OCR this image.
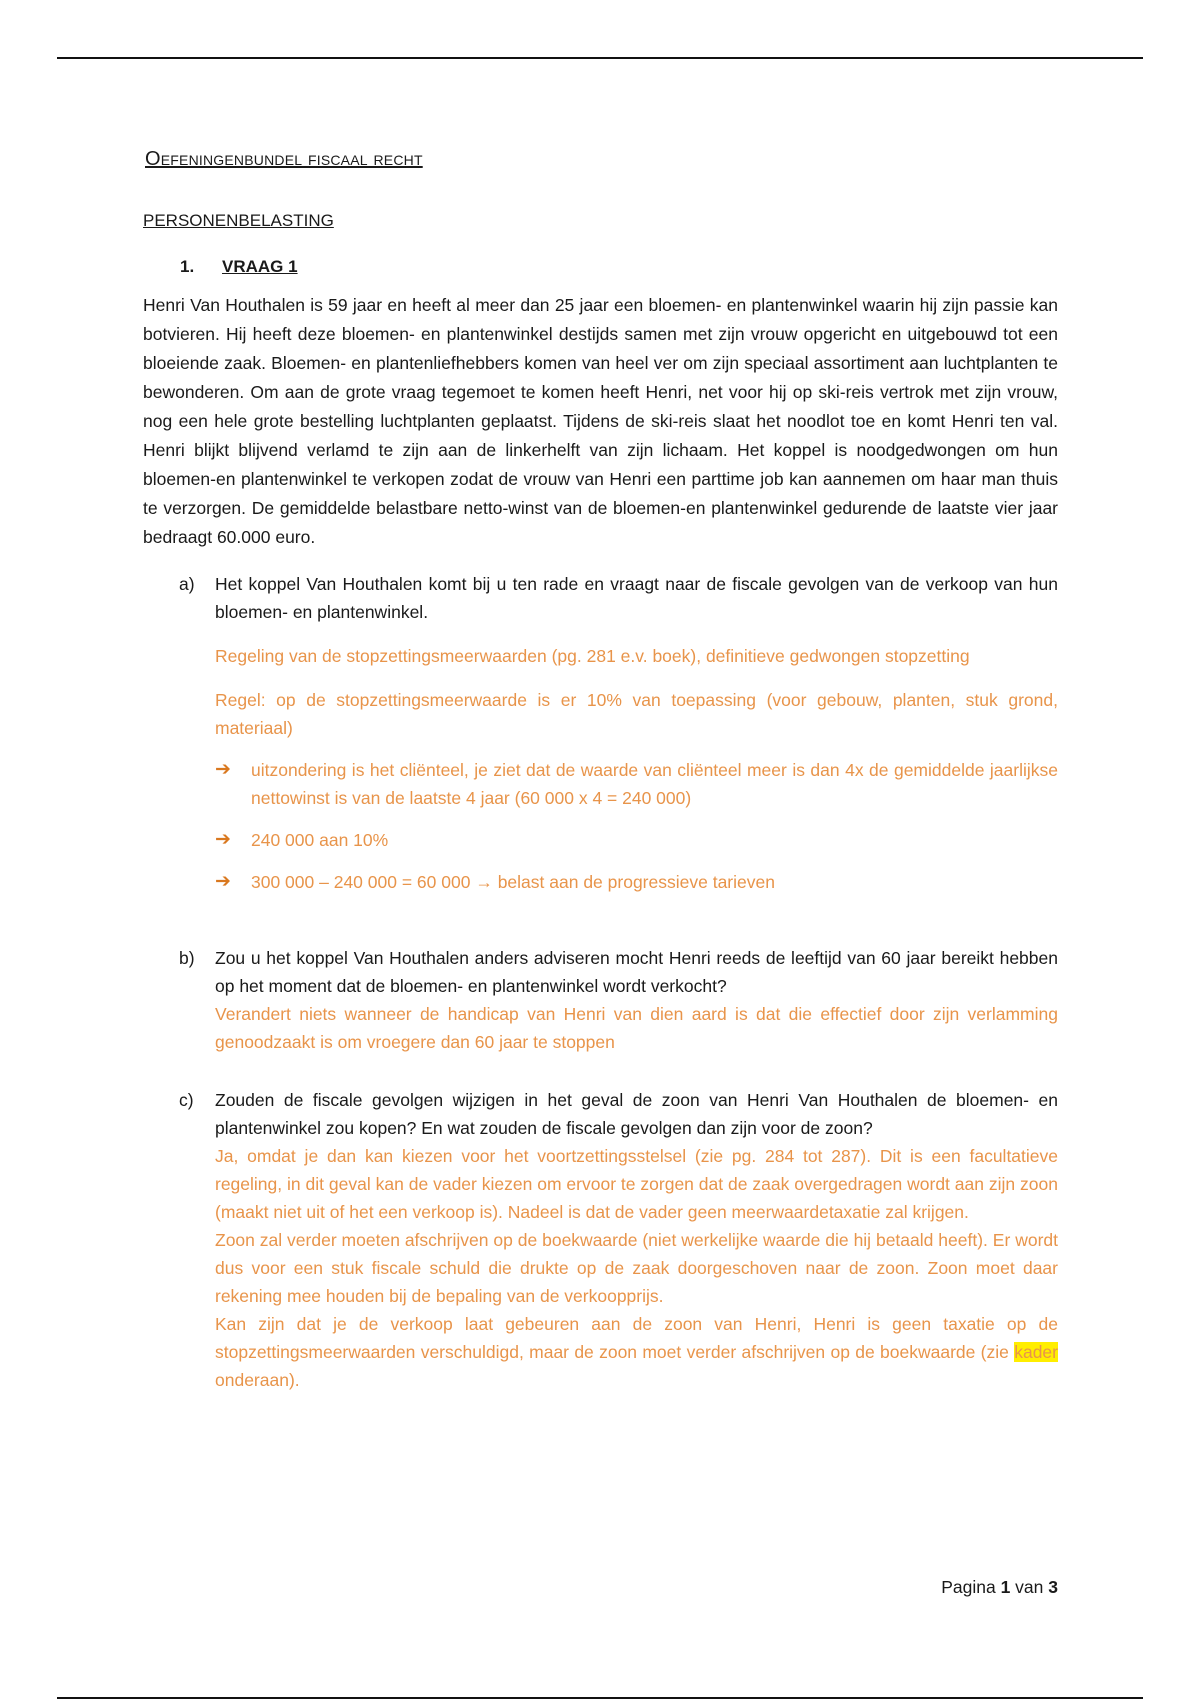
Oefeningenbundel fiscaal recht
PERSONENBELASTING
1. VRAAG 1

Henri Van Houthalen is 59 jaar en heeft al meer dan 25 jaar een bloemen- en plantenwinkel waarin hij zijn passie kan botvieren. Hij heeft deze bloemen- en plantenwinkel destijds samen met zijn vrouw opgericht en uitgebouwd tot een bloeiende zaak. Bloemen- en plantenliefhebbers komen van heel ver om zijn speciaal assortiment aan luchtplanten te bewonderen. Om aan de grote vraag tegemoet te komen heeft Henri, net voor hij op ski-reis vertrok met zijn vrouw, nog een hele grote bestelling luchtplanten geplaatst. Tijdens de ski-reis slaat het noodlot toe en komt Henri ten val. Henri blijkt blijvend verlamd te zijn aan de linkerhelft van zijn lichaam. Het koppel is noodgedwongen om hun bloemen-en plantenwinkel te verkopen zodat de vrouw van Henri een parttime job kan aannemen om haar man thuis te verzorgen. De gemiddelde belastbare netto-winst van de bloemen-en plantenwinkel gedurende de laatste vier jaar bedraagt 60.000 euro.

a) Het koppel Van Houthalen komt bij u ten rade en vraagt naar de fiscale gevolgen van de verkoop van hun bloemen- en plantenwinkel.
Regeling van de stopzettingsmeerwaarden (pg. 281 e.v. boek), definitieve gedwongen stopzetting
Regel: op de stopzettingsmeerwaarde is er 10% van toepassing (voor gebouw, planten, stuk grond, materiaal)
➔ uitzondering is het cliënteel, je ziet dat de waarde van cliënteel meer is dan 4x de gemiddelde jaarlijkse nettowinst is van de laatste 4 jaar (60 000 x 4 = 240 000)
➔ 240 000 aan 10%
➔ 300 000 – 240 000 = 60 000 → belast aan de progressieve tarieven
b) Zou u het koppel Van Houthalen anders adviseren mocht Henri reeds de leeftijd van 60 jaar bereikt hebben op het moment dat de bloemen- en plantenwinkel wordt verkocht?
Verandert niets wanneer de handicap van Henri van dien aard is dat die effectief door zijn verlamming genoodzaakt is om vroegere dan 60 jaar te stoppen
c) Zouden de fiscale gevolgen wijzigen in het geval de zoon van Henri Van Houthalen de bloemen- en plantenwinkel zou kopen? En wat zouden de fiscale gevolgen dan zijn voor de zoon?
Ja, omdat je dan kan kiezen voor het voortzettingsstelsel (zie pg. 284 tot 287). Dit is een facultatieve regeling, in dit geval kan de vader kiezen om ervoor te zorgen dat de zaak overgedragen wordt aan zijn zoon (maakt niet uit of het een verkoop is). Nadeel is dat de vader geen meerwaardetaxatie zal krijgen.
Zoon zal verder moeten afschrijven op de boekwaarde (niet werkelijke waarde die hij betaald heeft). Er wordt dus voor een stuk fiscale schuld die drukte op de zaak doorgeschoven naar de zoon. Zoon moet daar rekening mee houden bij de bepaling van de verkoopprijs.
Kan zijn dat je de verkoop laat gebeuren aan de zoon van Henri, Henri is geen taxatie op de stopzettingsmeerwaarden verschuldigd, maar de zoon moet verder afschrijven op de boekwaarde (zie kader onderaan).
Pagina 1 van 3
